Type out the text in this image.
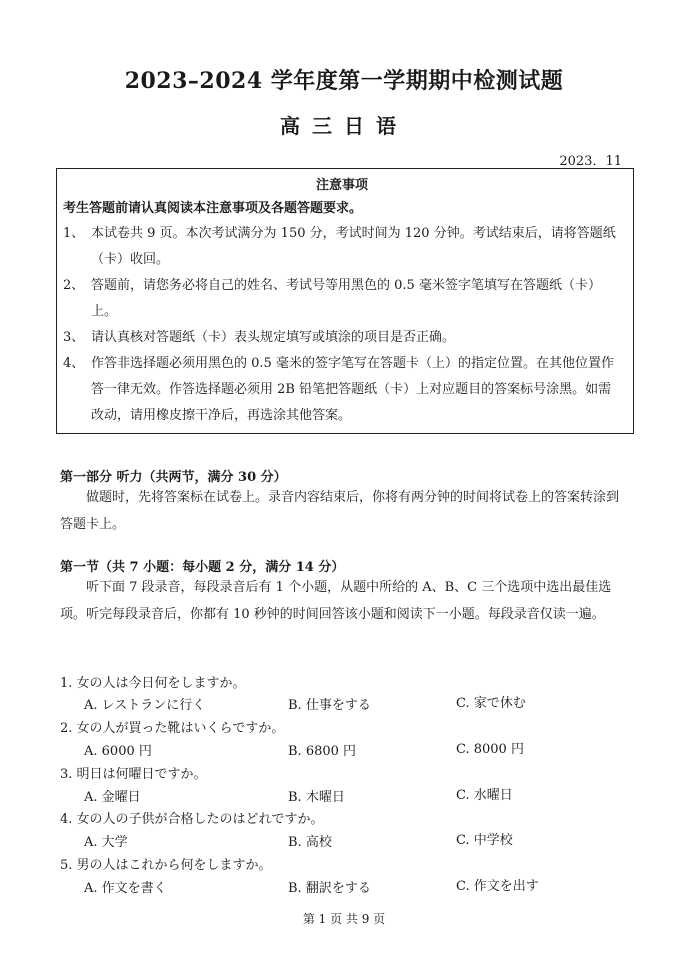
2023–2024 学年度第一学期期中检测试题
高三日语
2023．11
注意事项
考生答题前请认真阅读本注意事项及各题答题要求。
1、 本试卷共 9 页。本次考试满分为 150 分，考试时间为 120 分钟。考试结束后，请将答题纸（卡）收回。
2、 答题前，请您务必将自己的姓名、考试号等用黑色的 0.5 毫米签字笔填写在答题纸（卡）上。
3、 请认真核对答题纸（卡）表头规定填写或填涂的项目是否正确。
4、 作答非选择题必须用黑色的 0.5 毫米的签字笔写在答题卡（上）的指定位置。在其他位置作答一律无效。作答选择题必须用 2B 铅笔把答题纸（卡）上对应题目的答案标号涂黑。如需改动，请用橡皮擦干净后，再选涂其他答案。
第一部分 听力（共两节，满分 30 分）
做题时，先将答案标在试卷上。录音内容结束后，你将有两分钟的时间将试卷上的答案转涂到答题卡上。
第一节（共 7 小题：每小题 2 分，满分 14 分）
听下面 7 段录音，每段录音后有 1 个小题，从题中所给的 A、B、C 三个选项中选出最佳选项。听完每段录音后，你都有 10 秒钟的时间回答该小题和阅读下一小题。每段录音仅读一遍。
1. 女の人は今日何をしますか。
A. レストランに行く	B. 仕事をする	C. 家で休む
2. 女の人が買った靴はいくらですか。
A. 6000 円	B. 6800 円	C. 8000 円
3. 明日は何曜日ですか。
A. 金曜日	B. 木曜日	C. 水曜日
4. 女の人の子供が合格したのはどれですか。
A. 大学	B. 高校	C. 中学校
5. 男の人はこれから何をしますか。
A. 作文を書く	B. 翻訳をする	C. 作文を出す
第 1 页 共 9 页
